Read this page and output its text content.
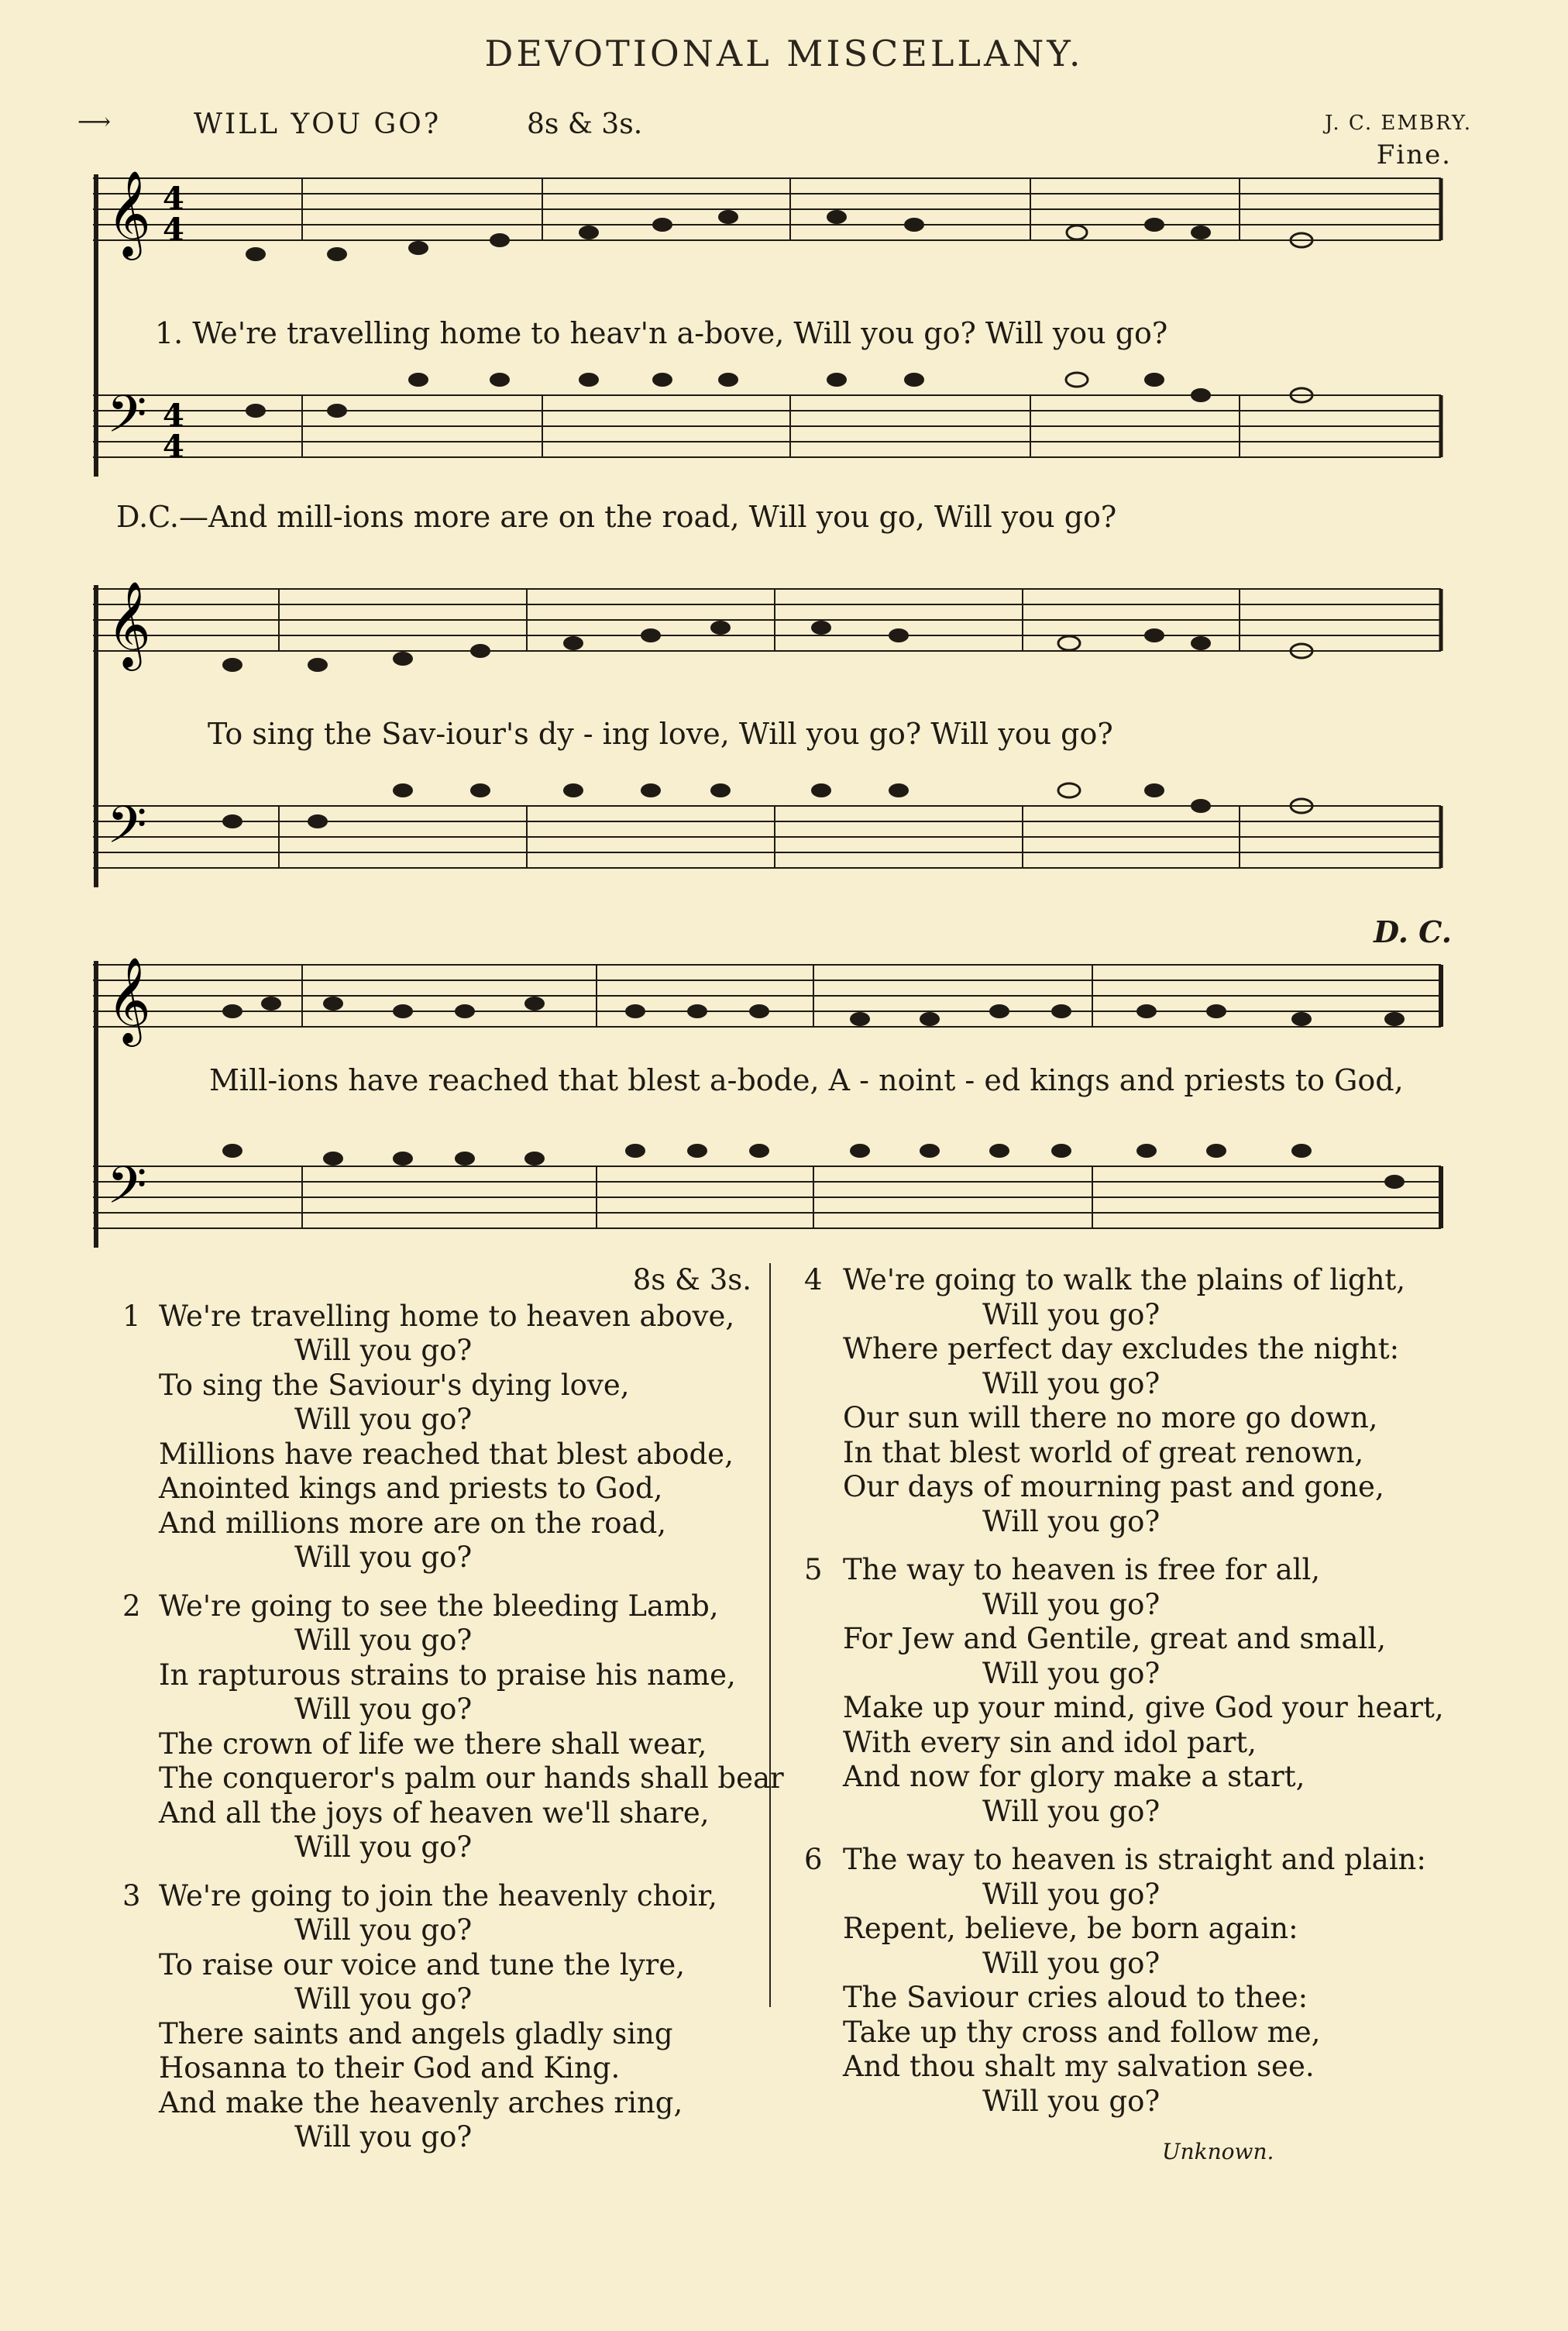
DEVOTIONAL MISCELLANY.
⟶	WILL YOU GO?	8s & 3s.	J. C. EMBRY.
Fine.
𝄞
𝄢
4
4
4
4
1. We're travelling home to heav'n a-bove, Will you go? Will you go?
D.C.—And mill-ions more are on the road, Will you go, Will you go?
𝄞
𝄢
To sing the Sav-iour's dy - ing love, Will you go? Will you go?
D. C.
𝄞
𝄢
Mill-ions have reached that blest a-bode, A - noint - ed kings and priests to God,
8s & 3s.
1 We're travelling home to heaven above,
Will you go?
To sing the Saviour's dying love,
Will you go?
Millions have reached that blest abode,
Anointed kings and priests to God,
And millions more are on the road,
Will you go?
2 We're going to see the bleeding Lamb,
Will you go?
In rapturous strains to praise his name,
Will you go?
The crown of life we there shall wear,
The conqueror's palm our hands shall bear
And all the joys of heaven we'll share,
Will you go?
3 We're going to join the heavenly choir,
Will you go?
To raise our voice and tune the lyre,
Will you go?
There saints and angels gladly sing
Hosanna to their God and King.
And make the heavenly arches ring,
Will you go?
4 We're going to walk the plains of light,
Will you go?
Where perfect day excludes the night:
Will you go?
Our sun will there no more go down,
In that blest world of great renown,
Our days of mourning past and gone,
Will you go?
5 The way to heaven is free for all,
Will you go?
For Jew and Gentile, great and small,
Will you go?
Make up your mind, give God your heart,
With every sin and idol part,
And now for glory make a start,
Will you go?
6 The way to heaven is straight and plain:
Will you go?
Repent, believe, be born again:
Will you go?
The Saviour cries aloud to thee:
Take up thy cross and follow me,
And thou shalt my salvation see.
Will you go?
Unknown.
